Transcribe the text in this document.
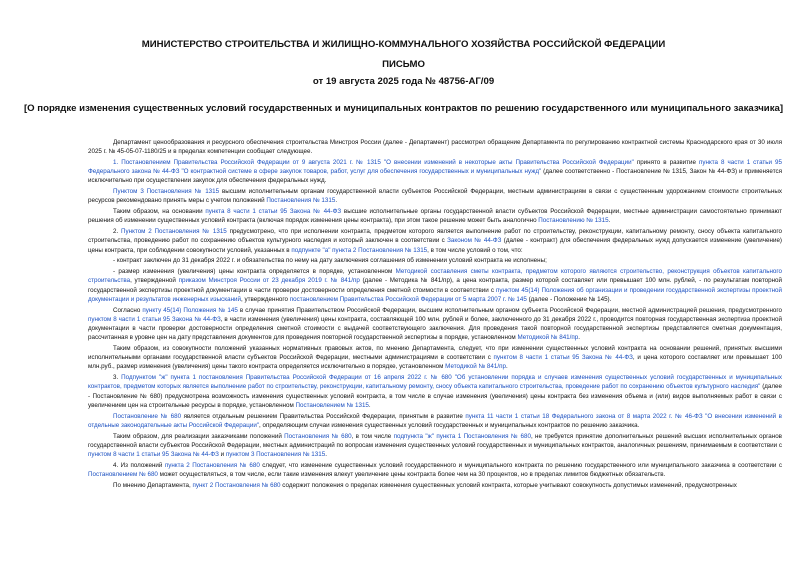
МИНИСТЕРСТВО СТРОИТЕЛЬСТВА И ЖИЛИЩНО-КОММУНАЛЬНОГО ХОЗЯЙСТВА РОССИЙСКОЙ ФЕДЕРАЦИИ
ПИСЬМО
от 19 августа 2025 года № 48756-АГ/09
[О порядке изменения существенных условий государственных и муниципальных контрактов по решению государственного или муниципального заказчика]

Департамент ценообразования и ресурсного обеспечения строительства Минстроя России (далее - Департамент) рассмотрел обращение Департамента по регулированию контрактной системы Краснодарского края от 30 июля 2025 г. № 45-05-07-1180/25 и в пределах компетенции сообщает следующее.

1. Постановлением Правительства Российской Федерации от 9 августа 2021 г. № 1315 "О внесении изменений в некоторые акты Правительства Российской Федерации" принято в развитие пункта 8 части 1 статьи 95 Федерального закона № 44-ФЗ "О контрактной системе в сфере закупок товаров, работ, услуг для обеспечения государственных и муниципальных нужд" (далее соответственно - Постановление № 1315, Закон № 44-ФЗ) и применяется исключительно при осуществлении закупок для обеспечения федеральных нужд.

Пунктом 3 Постановления № 1315 высшим исполнительным органам государственной власти субъектов Российской Федерации, местным администрациям в связи с существенным удорожанием стоимости строительных ресурсов рекомендовано принять меры с учетом положений Постановления № 1315.

Таким образом, на основании пункта 8 части 1 статьи 95 Закона № 44-ФЗ высшие исполнительные органы государственной власти субъектов Российской Федерации, местные администрации самостоятельно принимают решения об изменении существенных условий контракта (включая порядок изменения цены контракта), при этом такое решение может быть аналогично Постановлению № 1315.

2. Пунктом 2 Постановления № 1315 предусмотрено, что при исполнении контракта, предметом которого является выполнение работ по строительству, реконструкции, капитальному ремонту, сносу объекта капитального строительства, проведению работ по сохранению объектов культурного наследия и который заключен в соответствии с Законом № 44-ФЗ (далее - контракт) для обеспечения федеральных нужд допускается изменение (увеличение) цены контракта, при соблюдении совокупности условий, указанных в подпункте "а" пункта 2 Постановления № 1315, в том числе условий о том, что:

- контракт заключен до 31 декабря 2022 г. и обязательства по нему на дату заключения соглашения об изменении условий контракта не исполнены;

- размер изменения (увеличения) цены контракта определяется в порядке, установленном Методикой составления сметы контракта, предметом которого являются строительство, реконструкция объектов капитального строительства, утвержденной приказом Минстроя России от 23 декабря 2019 г. № 841/пр (далее - Методика № 841/пр), а цена контракта, размер которой составляет или превышает 100 млн. рублей, - по результатам повторной государственной экспертизы проектной документации в части проверки достоверности определения сметной стоимости в соответствии с пунктом 45(14) Положения об организации и проведении государственной экспертизы проектной документации и результатов инженерных изысканий, утвержденного постановлением Правительства Российской Федерации от 5 марта 2007 г. № 145 (далее - Положение № 145).

Согласно пункту 45(14) Положения № 145 в случае принятия Правительством Российской Федерации, высшим исполнительным органом субъекта Российской Федерации, местной администрацией решения, предусмотренного пунктом 8 части 1 статьи 95 Закона № 44-ФЗ, в части изменения (увеличения) цены контракта, составляющей 100 млн. рублей и более, заключенного до 31 декабря 2022 г., проводится повторная государственная экспертиза проектной документации в части проверки достоверности определения сметной стоимости с выдачей соответствующего заключения. Для проведения такой повторной государственной экспертизы представляется сметная документация, рассчитанная в уровне цен на дату представления документов для проведения повторной государственной экспертизы в порядке, установленном Методикой № 841/пр.

Таким образом, из совокупности положений указанных нормативных правовых актов, по мнению Департамента, следует, что при изменении существенных условий контракта на основании решений, принятых высшими исполнительными органами государственной власти субъектов Российской Федерации, местными администрациями в соответствии с пунктом 8 части 1 статьи 95 Закона № 44-ФЗ, и цена которого составляет или превышает 100 млн.руб., размер изменения (увеличения) цены такого контракта определяется исключительно в порядке, установленном Методикой № 841/пр.

3. Подпунктом "ж" пункта 1 постановления Правительства Российской Федерации от 16 апреля 2022 г. № 680 "Об установлении порядка и случаев изменения существенных условий государственных и муниципальных контрактов, предметом которых является выполнение работ по строительству, реконструкции, капитальному ремонту, сносу объекта капитального строительства, проведение работ по сохранению объектов культурного наследия" (далее - Постановление № 680) предусмотрена возможность изменения существенных условий контракта, в том числе в случае изменения (увеличения) цены контракта без изменения объема и (или) видов выполняемых работ в связи с увеличением цен на строительные ресурсы в порядке, установленном Постановлением № 1315.

Постановление № 680 является отдельным решением Правительства Российской Федерации, принятым в развитие пункта 11 части 1 статьи 18 Федерального закона от 8 марта 2022 г. № 46-ФЗ "О внесении изменений в отдельные законодательные акты Российской Федерации", определяющим случаи изменения существенных условий государственных и муниципальных контрактов по решению заказчика.

Таким образом, для реализации заказчиками положений Постановления № 680, в том числе подпункта "ж" пункта 1 Постановления № 680, не требуется принятие дополнительных решений высших исполнительных органов государственной власти субъектов Российской Федерации, местных администраций по вопросам изменения существенных условий государственных и муниципальных контрактов, аналогичных решениям, принимаемым в соответствии с пунктом 8 части 1 статьи 95 Закона № 44-ФЗ и пунктом 3 Постановления № 1315.

4. Из положений пункта 2 Постановления № 680 следует, что изменение существенных условий государственного и муниципального контракта по решению государственного или муниципального заказчика в соответствии с Постановлением № 680 может осуществляться, в том числе, если такие изменения влекут увеличение цены контракта более чем на 30 процентов, но в пределах лимитов бюджетных обязательств.

По мнению Департамента, пункт 2 Постановления № 680 содержит положения о пределах изменения существенных условий контракта, которые учитывают совокупность допустимых изменений, предусмотренных
